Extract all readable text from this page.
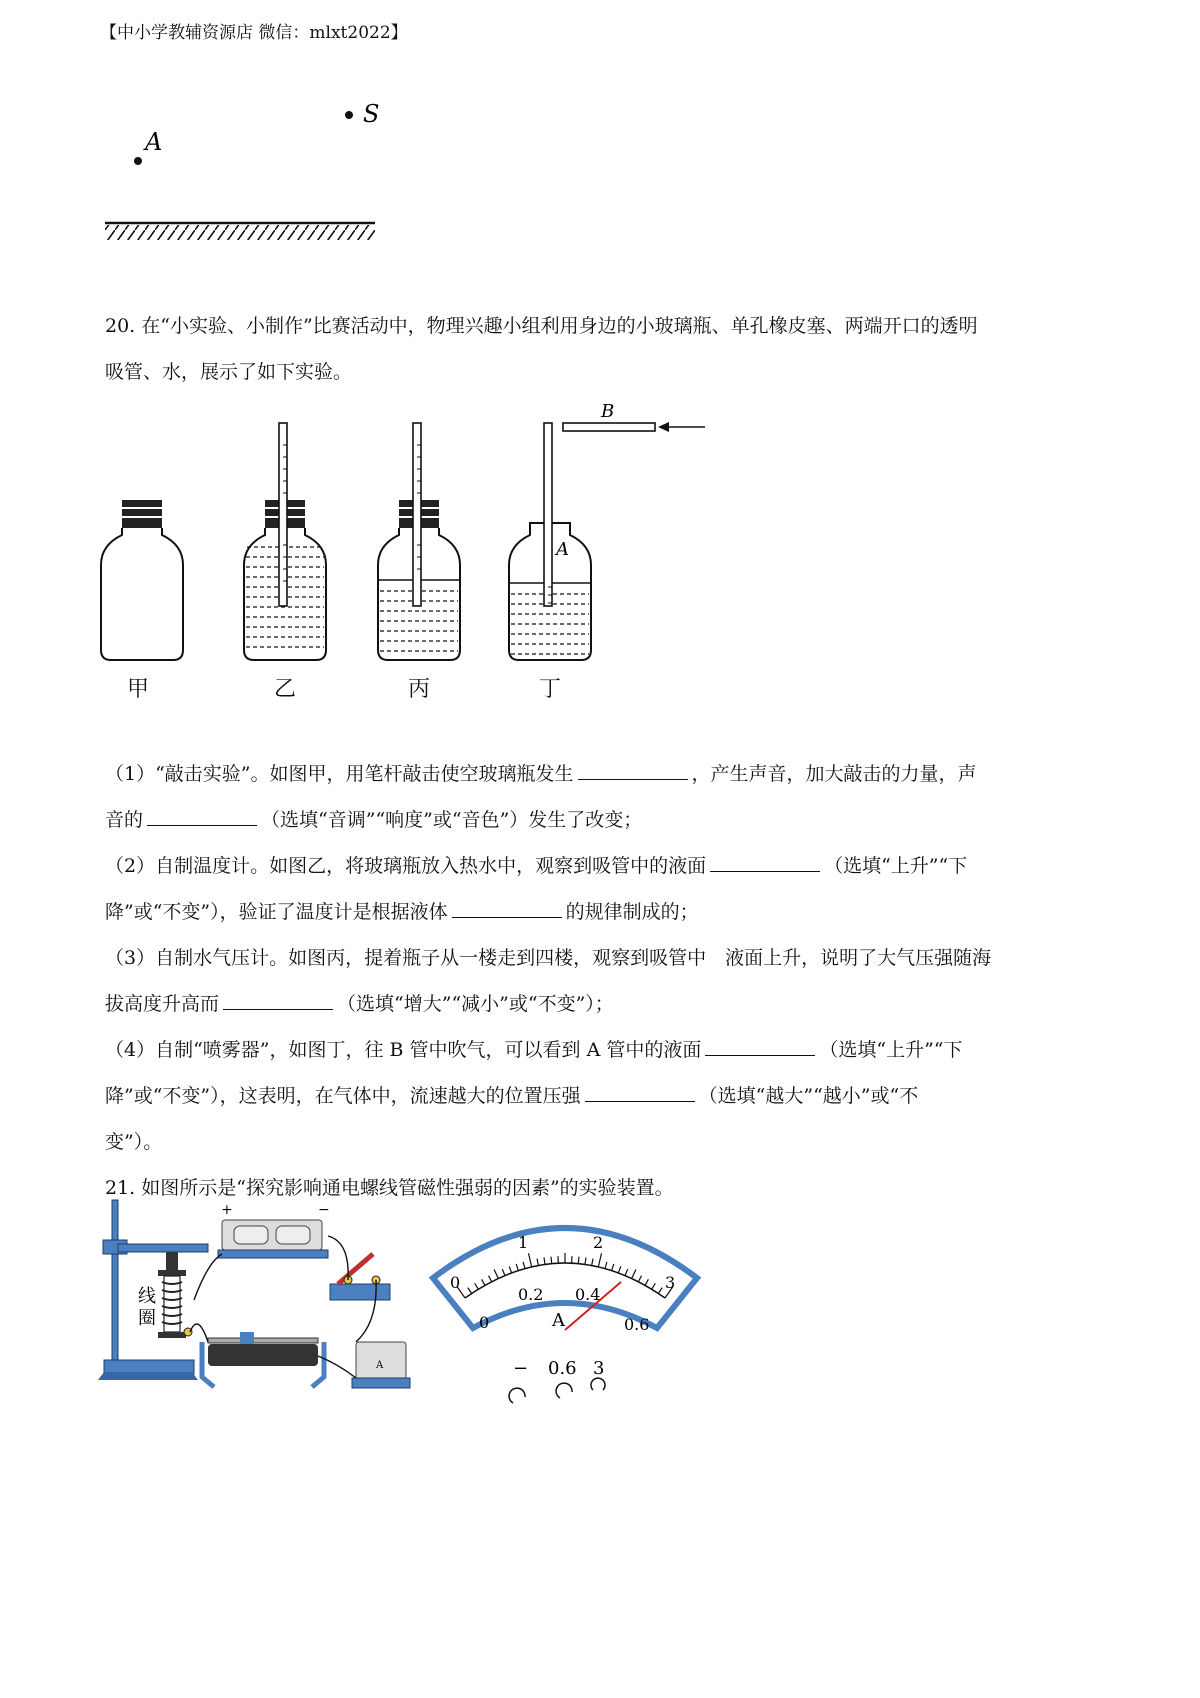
【中小学教辅资源店 微信：mlxt2022】
S
A
20. 在“小实验、小制作”比赛活动中，物理兴趣小组利用身边的小玻璃瓶、单孔橡皮塞、两端开口的透明
吸管、水，展示了如下实验。
A
B
甲	乙	丙	丁
（1）“敲击实验”。如图甲，用笔杆敲击使空玻璃瓶发生	，产生声音，加大敲击的力量，声
音的	（选填“音调”“响度”或“音色”）发生了改变；
（2）自制温度计。如图乙，将玻璃瓶放入热水中，观察到吸管中的液面	（选填“上升”“下
降”或“不变”），验证了温度计是根据液体	的规律制成的；
（3）自制水气压计。如图丙，提着瓶子从一楼走到四楼，观察到吸管中　液面上升，说明了大气压强随海
拔高度升高而	（选填“增大”“减小”或“不变”）；
（4）自制“喷雾器”，如图丁，往 B 管中吹气，可以看到 A 管中的液面	（选填“上升”“下
降”或“不变”），这表明，在气体中，流速越大的位置压强	（选填“越大”“越小”或“不
变”）。
21. 如图所示是“探究影响通电螺线管磁性强弱的因素”的实验装置。
线
圈
+	−
A
0
1	2
3
0
0.2 0.4
0.6
A
− 0.6 3
